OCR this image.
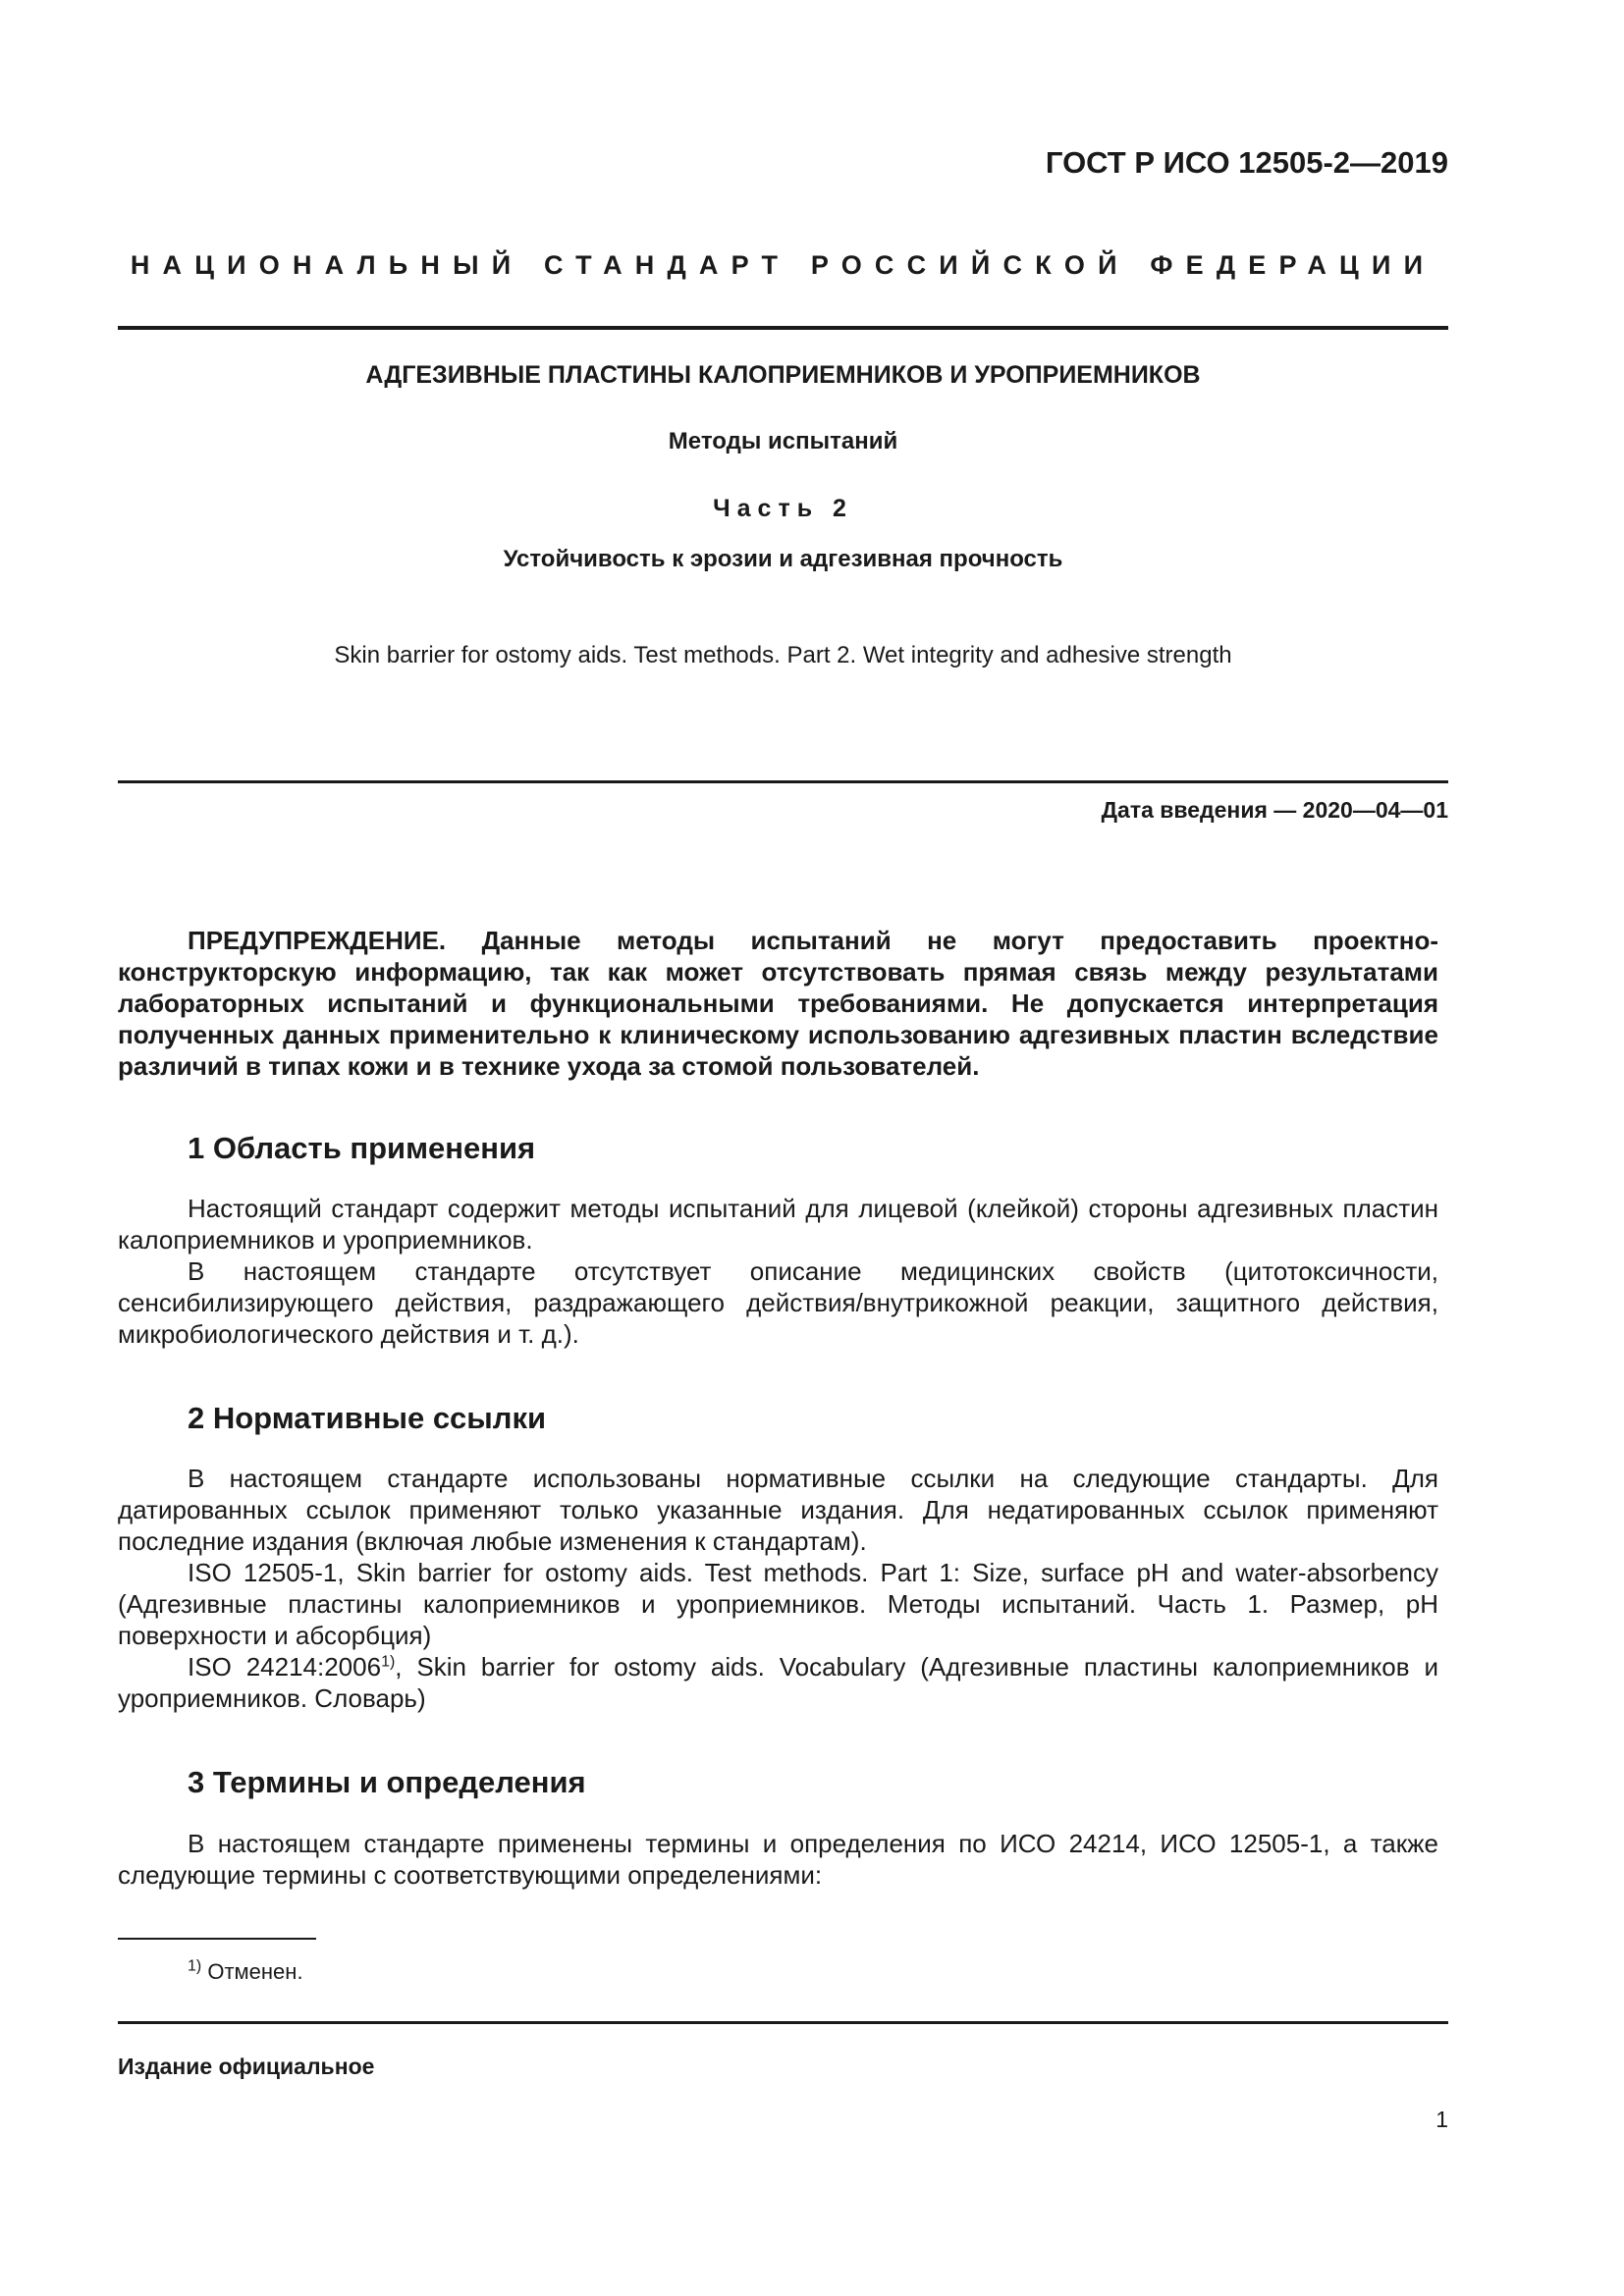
ГОСТ Р ИСО 12505-2—2019
НАЦИОНАЛЬНЫЙ СТАНДАРТ РОССИЙСКОЙ ФЕДЕРАЦИИ
АДГЕЗИВНЫЕ ПЛАСТИНЫ КАЛОПРИЕМНИКОВ И УРОПРИЕМНИКОВ
Методы испытаний
Часть 2
Устойчивость к эрозии и адгезивная прочность
Skin barrier for ostomy aids. Test methods. Part 2. Wet integrity and adhesive strength
Дата введения — 2020—04—01

ПРЕДУПРЕЖДЕНИЕ. Данные методы испытаний не могут предоставить проектно-конструкторскую информацию, так как может отсутствовать прямая связь между результатами лабораторных испытаний и функциональными требованиями. Не допускается интерпретация полученных данных применительно к клиническому использованию адгезивных пластин вследствие различий в типах кожи и в технике ухода за стомой пользователей.

1 Область применения

Настоящий стандарт содержит методы испытаний для лицевой (клейкой) стороны адгезивных пластин калоприемников и уроприемников.

В настоящем стандарте отсутствует описание медицинских свойств (цитотоксичности, сенсибилизирующего действия, раздражающего действия/внутрикожной реакции, защитного действия, микробиологического действия и т. д.).

2 Нормативные ссылки

В настоящем стандарте использованы нормативные ссылки на следующие стандарты. Для датированных ссылок применяют только указанные издания. Для недатированных ссылок применяют последние издания (включая любые изменения к стандартам).

ISO 12505-1, Skin barrier for ostomy aids. Test methods. Part 1: Size, surface pH and water-absorbency (Адгезивные пластины калоприемников и уроприемников. Методы испытаний. Часть 1. Размер, pH поверхности и абсорбция)

ISO 24214:2006$^{1)}$, Skin barrier for ostomy aids. Vocabulary (Адгезивные пластины калоприемников и уроприемников. Словарь)

3 Термины и определения

В настоящем стандарте применены термины и определения по ИСО 24214, ИСО 12505-1, а также следующие термины с соответствующими определениями:

$^{1)}$ Отменен.
Издание официальное
1
